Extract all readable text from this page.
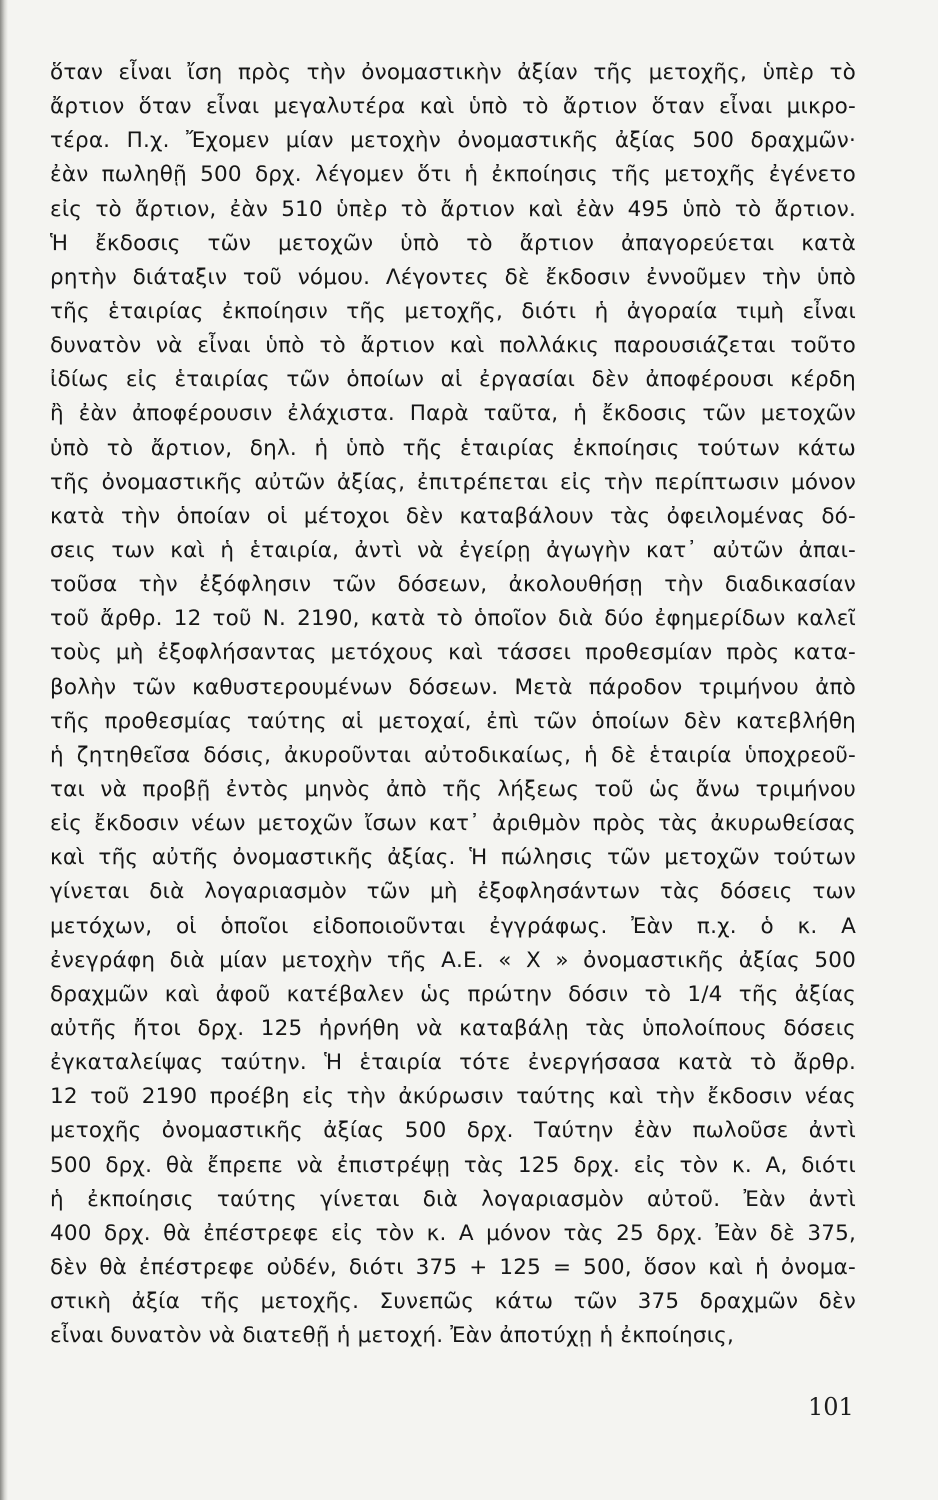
ὅταν εἶναι ἴση πρὸς τὴν ὀνομαστικὴν ἀξίαν τῆς μετοχῆς, ὑπὲρ τὸ
ἄρτιον ὅταν εἶναι μεγαλυτέρα καὶ ὑπὸ τὸ ἄρτιον ὅταν εἶναι μικρο-
τέρα. Π.χ. Ἔχομεν μίαν μετοχὴν ὀνομαστικῆς ἀξίας 500 δραχμῶν·
ἐὰν πωληθῇ 500 δρχ. λέγομεν ὅτι ἡ ἐκποίησις τῆς μετοχῆς ἐγένετο
εἰς τὸ ἄρτιον, ἐὰν 510 ὑπὲρ τὸ ἄρτιον καὶ ἐὰν 495 ὑπὸ τὸ ἄρτιον.
Ἡ ἔκδοσις τῶν μετοχῶν ὑπὸ τὸ ἄρτιον ἀπαγορεύεται κατὰ
ρητὴν διάταξιν τοῦ νόμου. Λέγοντες δὲ ἔκδοσιν ἐννοῦμεν τὴν ὑπὸ
τῆς ἑταιρίας ἐκποίησιν τῆς μετοχῆς, διότι ἡ ἀγοραία τιμὴ εἶναι
δυνατὸν νὰ εἶναι ὑπὸ τὸ ἄρτιον καὶ πολλάκις παρουσιάζεται τοῦτο
ἰδίως εἰς ἑταιρίας τῶν ὁποίων αἱ ἐργασίαι δὲν ἀποφέρουσι κέρδη
ἢ ἐὰν ἀποφέρουσιν ἐλάχιστα. Παρὰ ταῦτα, ἡ ἔκδοσις τῶν μετοχῶν
ὑπὸ τὸ ἄρτιον, δηλ. ἡ ὑπὸ τῆς ἑταιρίας ἐκποίησις τούτων κάτω
τῆς ὀνομαστικῆς αὐτῶν ἀξίας, ἐπιτρέπεται εἰς τὴν περίπτωσιν μόνον
κατὰ τὴν ὁποίαν οἱ μέτοχοι δὲν καταβάλουν τὰς ὀφειλομένας δό-
σεις των καὶ ἡ ἑταιρία, ἀντὶ νὰ ἐγείρῃ ἀγωγὴν κατ᾽ αὐτῶν ἀπαι-
τοῦσα τὴν ἐξόφλησιν τῶν δόσεων, ἀκολουθήσῃ τὴν διαδικασίαν
τοῦ ἄρθρ. 12 τοῦ Ν. 2190, κατὰ τὸ ὁποῖον διὰ δύο ἐφημερίδων καλεῖ
τοὺς μὴ ἐξοφλήσαντας μετόχους καὶ τάσσει προθεσμίαν πρὸς κατα-
βολὴν τῶν καθυστερουμένων δόσεων. Μετὰ πάροδον τριμήνου ἀπὸ
τῆς προθεσμίας ταύτης αἱ μετοχαί, ἐπὶ τῶν ὁποίων δὲν κατεβλήθη
ἡ ζητηθεῖσα δόσις, ἀκυροῦνται αὐτοδικαίως, ἡ δὲ ἑταιρία ὑποχρεοῦ-
ται νὰ προβῇ ἐντὸς μηνὸς ἀπὸ τῆς λήξεως τοῦ ὡς ἄνω τριμήνου
εἰς ἔκδοσιν νέων μετοχῶν ἴσων κατ᾽ ἀριθμὸν πρὸς τὰς ἀκυρωθείσας
καὶ τῆς αὐτῆς ὀνομαστικῆς ἀξίας. Ἡ πώλησις τῶν μετοχῶν τούτων
γίνεται διὰ λογαριασμὸν τῶν μὴ ἐξοφλησάντων τὰς δόσεις των
μετόχων, οἱ ὁποῖοι εἰδοποιοῦνται ἐγγράφως. Ἐὰν π.χ. ὁ κ. Α
ἐνεγράφη διὰ μίαν μετοχὴν τῆς Α.Ε. « Χ » ὀνομαστικῆς ἀξίας 500
δραχμῶν καὶ ἀφοῦ κατέβαλεν ὡς πρώτην δόσιν τὸ 1/4 τῆς ἀξίας
αὐτῆς ἤτοι δρχ. 125 ἠρνήθη νὰ καταβάλῃ τὰς ὑπολοίπους δόσεις
ἐγκαταλείψας ταύτην. Ἡ ἑταιρία τότε ἐνεργήσασα κατὰ τὸ ἄρθρ.
12 τοῦ 2190 προέβη εἰς τὴν ἀκύρωσιν ταύτης καὶ τὴν ἔκδοσιν νέας
μετοχῆς ὀνομαστικῆς ἀξίας 500 δρχ. Ταύτην ἐὰν πωλοῦσε ἀντὶ
500 δρχ. θὰ ἔπρεπε νὰ ἐπιστρέψῃ τὰς 125 δρχ. εἰς τὸν κ. Α, διότι
ἡ ἐκποίησις ταύτης γίνεται διὰ λογαριασμὸν αὐτοῦ. Ἐὰν ἀντὶ
400 δρχ. θὰ ἐπέστρεφε εἰς τὸν κ. Α μόνον τὰς 25 δρχ. Ἐὰν δὲ 375,
δὲν θὰ ἐπέστρεφε οὐδέν, διότι 375 + 125 = 500, ὅσον καὶ ἡ ὀνομα-
στικὴ ἀξία τῆς μετοχῆς. Συνεπῶς κάτω τῶν 375 δραχμῶν δὲν
εἶναι δυνατὸν νὰ διατεθῇ ἡ μετοχή. Ἐὰν ἀποτύχῃ ἡ ἐκποίησις,
101
